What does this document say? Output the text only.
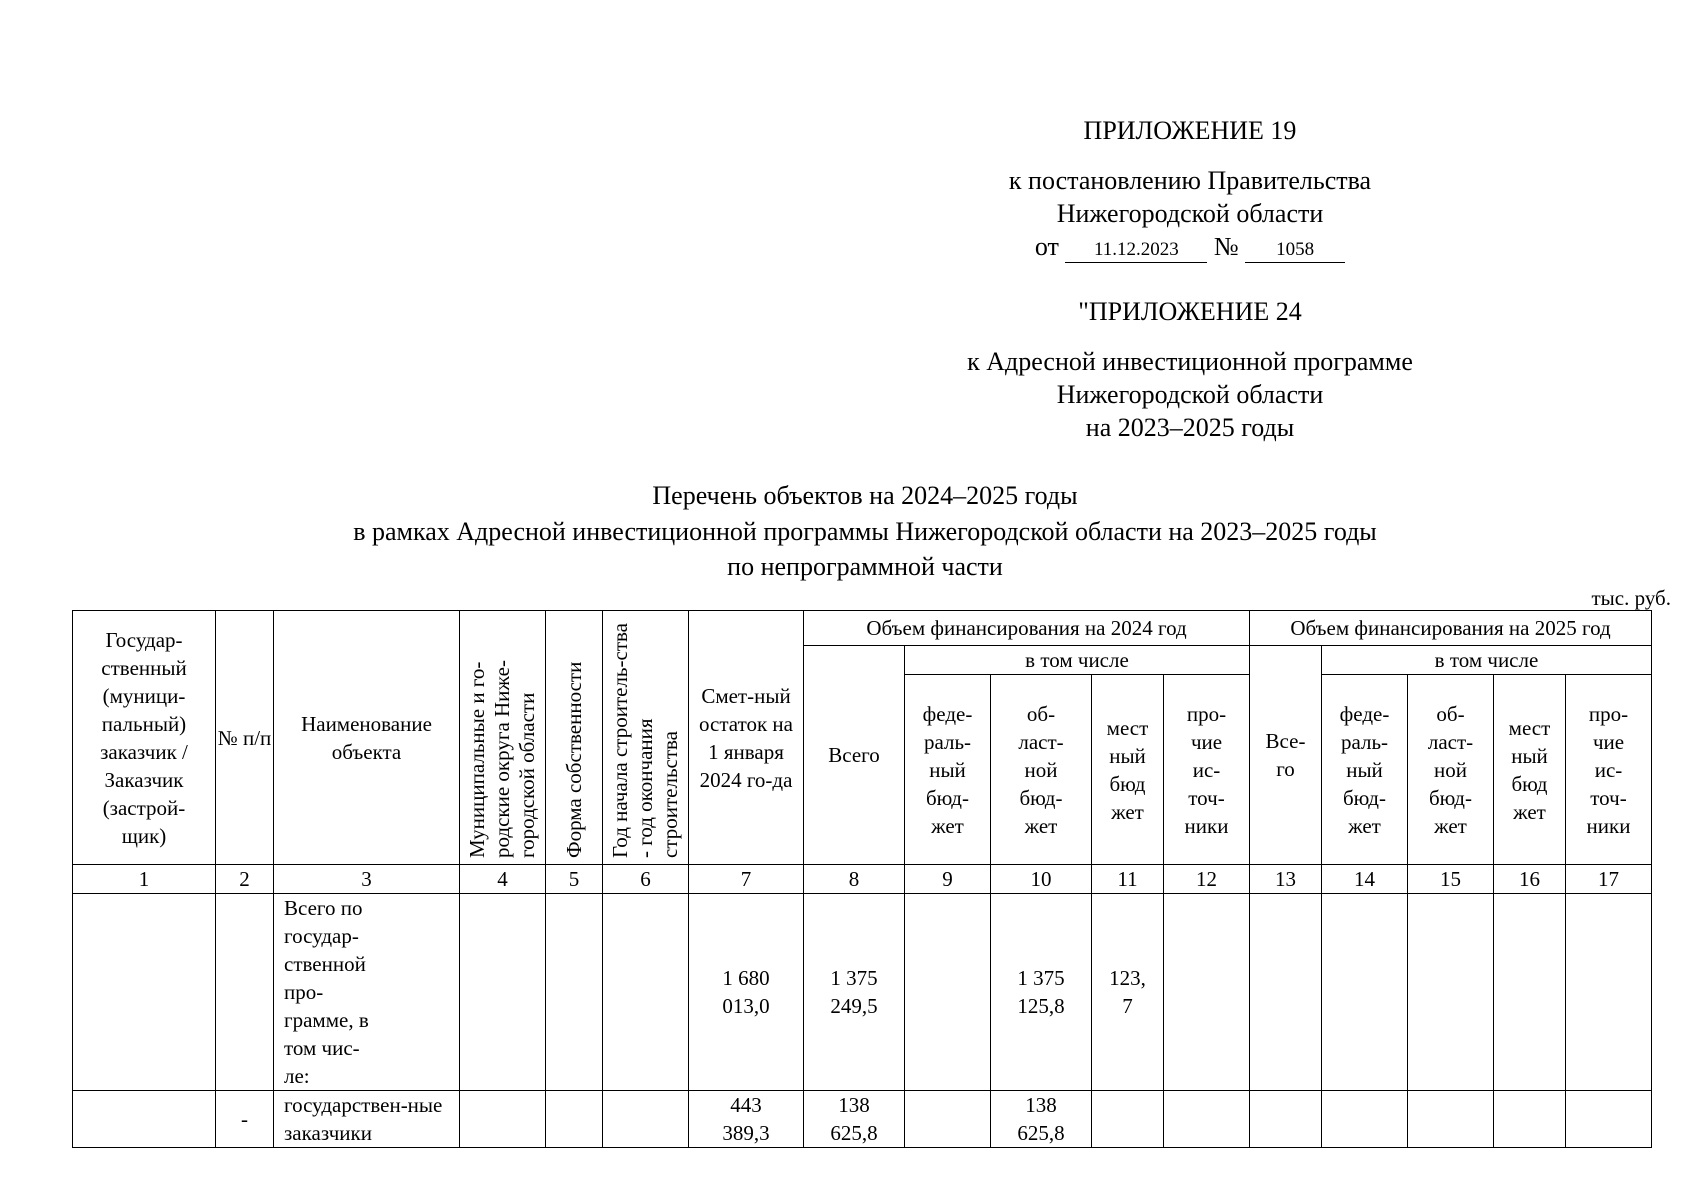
ПРИЛОЖЕНИЕ 19
к постановлению Правительства
Нижегородской области
от 11.12.2023 № 1058
"ПРИЛОЖЕНИЕ 24
к Адресной инвестиционной программе
Нижегородской области
на 2023–2025 годы
Перечень объектов на 2024–2025 годы
в рамках Адресной инвестиционной программы Нижегородской области на 2023–2025 годы
по непрограммной части
тыс. руб.
Государ-ственный (муници-пальный) заказчик / Заказчик (застрой-щик)	№ п/п	Наименование объекта	Муниципальные и го-родские округа Ниже-городской области	Форма собственности	Год начала строитель-ства - год окончания строительства	Смет-ный остаток на 1 января 2024 го-да	Объем финансирования на 2024 год					Объем финансирования на 2025 год				
							Всего	в том числе				Все-го	в том числе			
								феде-раль-ный бюд-жет	об-ласт-ной бюд-жет	мест ный бюд жет	про-чие ис-точ-ники		феде-раль-ный бюд-жет	об-ласт-ной бюд-жет	мест ный бюд жет	про-чие ис-точ-ники
1	2	3	4	5	6	7	8	9	10	11	12	13	14	15	16	17

		Всего по государ-ственной про-грамме, в том чис-ле:				1 680 013,0	1 375 249,5		1 375 125,8	123, 7						

	-	государствен-ные заказчики				443 389,3	138 625,8		138 625,8							
